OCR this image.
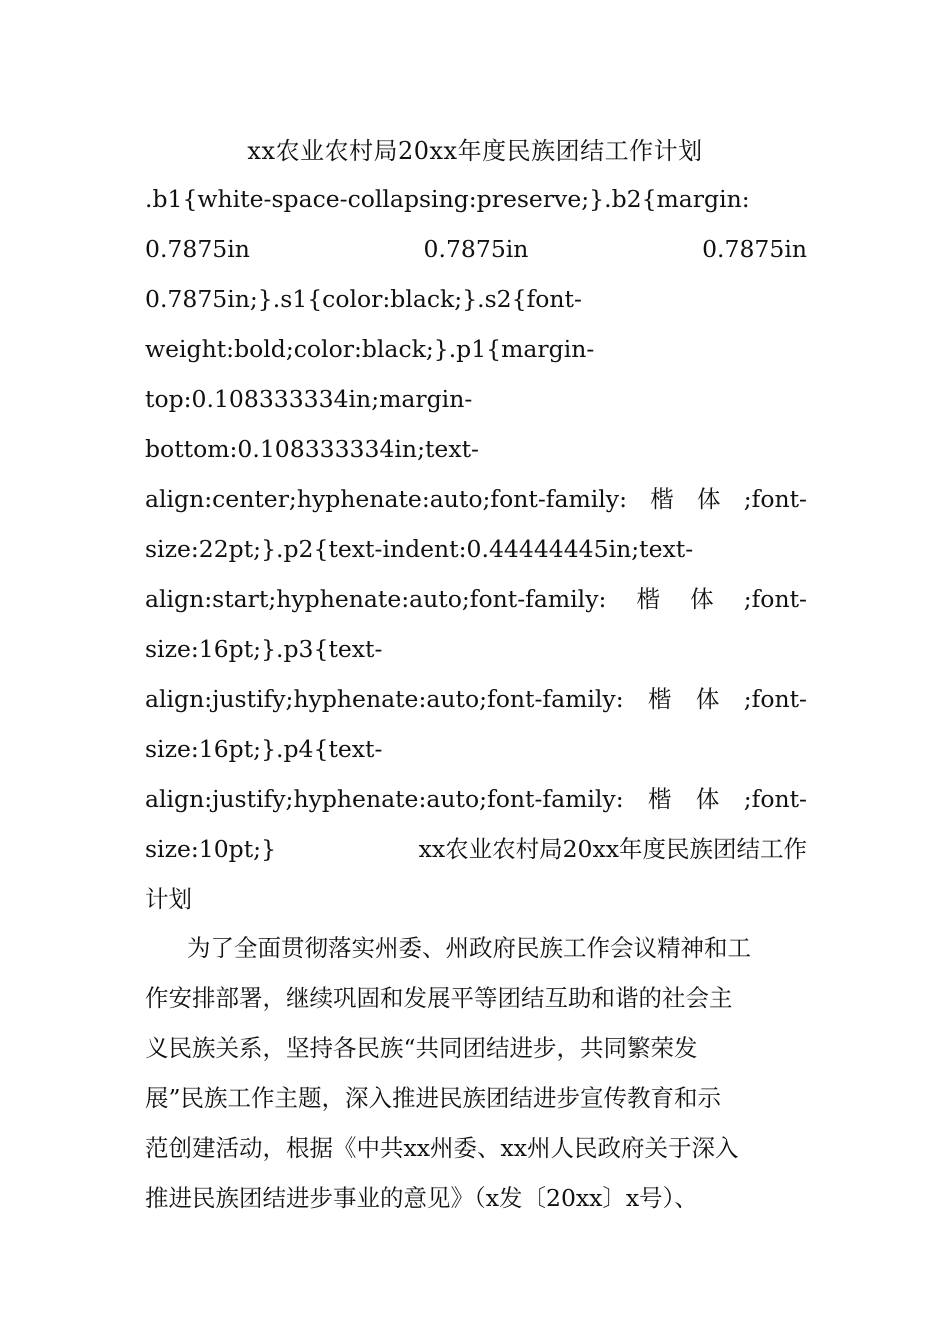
xx农业农村局20xx年度民族团结工作计划
.b1{white-space-collapsing:preserve;}.b2{margin:
0.7875in	0.7875in	0.7875in
0.7875in;}.s1{color:black;}.s2{font-
weight:bold;color:black;}.p1{margin-
top:0.108333334in;margin-
bottom:0.108333334in;text-
align:center;hyphenate:auto;font-family: 楷 体 ;font-
size:22pt;}.p2{text-indent:0.44444445in;text-
align:start;hyphenate:auto;font-family: 楷 体 ;font-
size:16pt;}.p3{text-
align:justify;hyphenate:auto;font-family: 楷 体 ;font-
size:16pt;}.p4{text-
align:justify;hyphenate:auto;font-family: 楷 体 ;font-
size:10pt;}	xx农业农村局20xx年度民族团结工作
计划
为了全面贯彻落实州委、州政府民族工作会议精神和工
作安排部署，继续巩固和发展平等团结互助和谐的社会主
义民族关系，坚持各民族“共同团结进步，共同繁荣发
展”民族工作主题，深入推进民族团结进步宣传教育和示
范创建活动，根据《中共xx州委、xx州人民政府关于深入
推进民族团结进步事业的意见》（x发〔20xx〕x号）、
